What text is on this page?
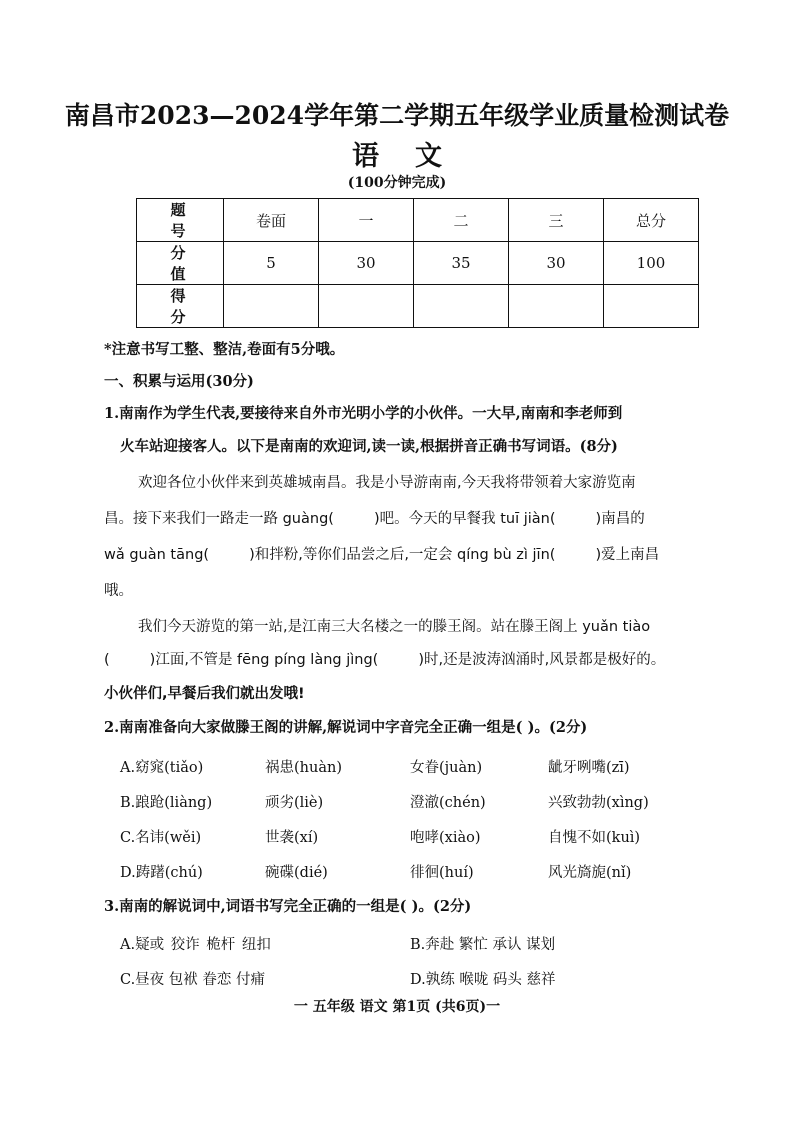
南昌市2023—2024学年第二学期五年级学业质量检测试卷
语文
(100分钟完成)
题 号	卷面	一	二	三	总分
分 值	5	30	35	30	100
得 分					
*注意书写工整、整洁,卷面有5分哦。
一、积累与运用(30分)
1.南南作为学生代表,要接待来自外市光明小学的小伙伴。一大早,南南和李老师到
火车站迎接客人。以下是南南的欢迎词,读一读,根据拼音正确书写词语。(8分)
欢迎各位小伙伴来到英雄城南昌。我是小导游南南,今天我将带领着大家游览南
昌。接下来我们一路走一路 guàng(	)吧。今天的早餐我 tuī jiàn(	)南昌的
wǎ guàn tāng(	)和拌粉,等你们品尝之后,一定会 qíng bù zì jīn(	)爱上南昌
哦。
我们今天游览的第一站,是江南三大名楼之一的滕王阁。站在滕王阁上 yuǎn tiào
(	)江面,不管是 fēng píng làng jìng(	)时,还是波涛汹涌时,风景都是极好的。
小伙伴们,早餐后我们就出发哦!
2.南南准备向大家做滕王阁的讲解,解说词中字音完全正确一组是( )。(2分)
A.窈窕(tiǎo)	祸患(huàn)	女眷(juàn)	龇牙咧嘴(zī)
B.踉跄(liàng)	顽劣(liè)	澄澈(chén)	兴致勃勃(xìng)
C.名讳(wěi)	世袭(xí)	咆哮(xiào)	自愧不如(kuì)
D.踌躇(chú)	碗碟(dié)	徘徊(huí)	风光旖旎(nǐ)
3.南南的解说词中,词语书写完全正确的一组是( )。(2分)
A.疑或 狡诈 桅杆 纽扣	B.奔赴 繁忙 承认 谋划
C.昼夜 包袱 眷恋 付痡	D.孰练 喉咙 码头 慈祥
一 五年级 语文 第1页 (共6页)一
